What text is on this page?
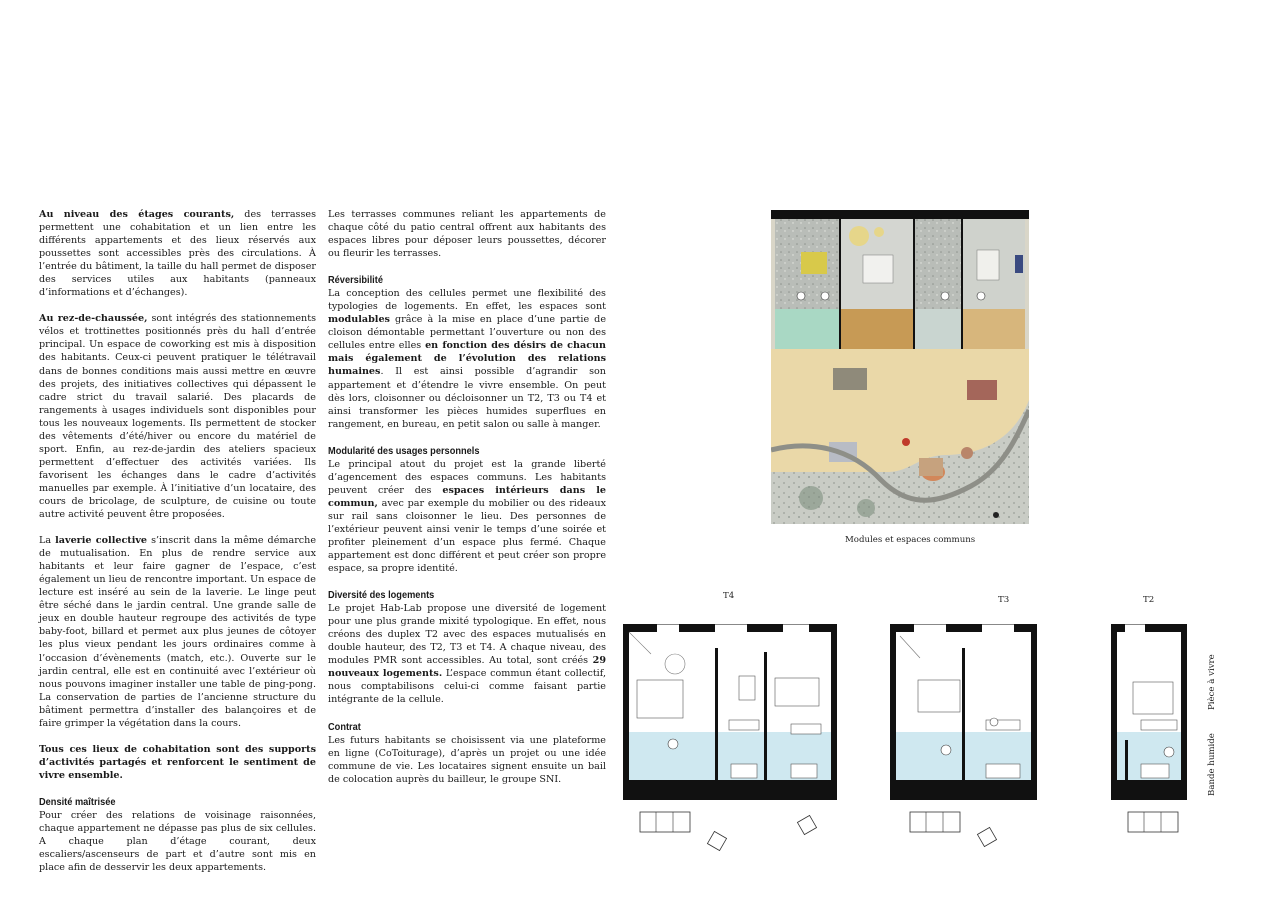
Au niveau des étages courants, des terrasses permettent une cohabitation et un lien entre les différents appartements et des lieux réservés aux poussettes sont accessibles près des circulations. À l’entrée du bâtiment, la taille du hall permet de disposer des services utiles aux habitants (panneaux d’informations et d’échanges).

Au rez-de-chaussée, sont intégrés des stationnements vélos et trottinettes positionnés près du hall d’entrée principal. Un espace de coworking est mis à disposition des habitants. Ceux-ci peuvent pratiquer le télétravail dans de bonnes conditions mais aussi mettre en œuvre des projets, des initiatives collectives qui dépassent le cadre strict du travail salarié. Des placards de rangements à usages individuels sont disponibles pour tous les nouveaux logements. Ils permettent de stocker des vêtements d’été/hiver ou encore du matériel de sport. Enfin, au rez-de-jardin des ateliers spacieux permettent d’effectuer des activités variées. Ils favorisent les échanges dans le cadre d’activités manuelles par exemple. À l’initiative d’un locataire, des cours de bricolage, de sculpture, de cuisine ou toute autre activité peuvent être proposées.

La laverie collective s’inscrit dans la même démarche de mutualisation. En plus de rendre service aux habitants et leur faire gagner de l’espace, c’est également un lieu de rencontre important. Un espace de lecture est inséré au sein de la laverie. Le linge peut être séché dans le jardin central. Une grande salle de jeux en double hauteur regroupe des activités de type baby-foot, billard et permet aux plus jeunes de côtoyer les plus vieux pendant les jours ordinaires comme à l’occasion d’évènements (match, etc.). Ouverte sur le jardin central, elle est en continuité avec l’extérieur où nous pouvons imaginer installer une table de ping-pong. La conservation de parties de l’ancienne structure du bâtiment permettra d’installer des balançoires et de faire grimper la végétation dans la cours.

Tous ces lieux de cohabitation sont des supports d’activités partagés et renforcent le sentiment de vivre ensemble.

Densité maîtrisée

Pour créer des relations de voisinage raisonnées, chaque appartement ne dépasse pas plus de six cellules. A chaque plan d’étage courant, deux escaliers/ascenseurs de part et d’autre sont mis en place afin de desservir les deux appartements.

Les terrasses communes reliant les appartements de chaque côté du patio central offrent aux habitants des espaces libres pour déposer leurs poussettes, décorer ou fleurir les terrasses.

Réversibilité

La conception des cellules permet une flexibilité des typologies de logements. En effet, les espaces sont modulables grâce à la mise en place d’une partie de cloison démontable permettant l’ouverture ou non des cellules entre elles en fonction des désirs de chacun mais également de l’évolution des relations humaines. Il est ainsi possible d’agrandir son appartement et d’étendre le vivre ensemble. On peut dès lors, cloisonner ou décloisonner un T2, T3 ou T4 et ainsi transformer les pièces humides superflues en rangement, en bureau, en petit salon ou salle à manger.

Modularité des usages personnels

Le principal atout du projet est la grande liberté d’agencement des espaces communs. Les habitants peuvent créer des espaces intérieurs dans le commun, avec par exemple du mobilier ou des rideaux sur rail sans cloisonner le lieu. Des personnes de l’extérieur peuvent ainsi venir le temps d’une soirée et profiter pleinement d’un espace plus fermé. Chaque appartement est donc différent et peut créer son propre espace, sa propre identité.

Diversité des logements

Le projet Hab-Lab propose une diversité de logement pour une plus grande mixité typologique. En effet, nous créons des duplex T2 avec des espaces mutualisés en double hauteur, des T2, T3 et T4. A chaque niveau, des modules PMR sont accessibles. Au total, sont créés 29 nouveaux logements. L’espace commun étant collectif, nous comptabilisons celui-ci comme faisant partie intégrante de la cellule.

Contrat

Les futurs habitants se choisissent via une plateforme en ligne (CoToiturage), d’après un projet ou une idée commune de vie. Les locataires signent ensuite un bail de colocation auprès du bailleur, le groupe SNI.

Modules et espaces communs
T4	T3	T2
Pièce à vivre
Bande humide
